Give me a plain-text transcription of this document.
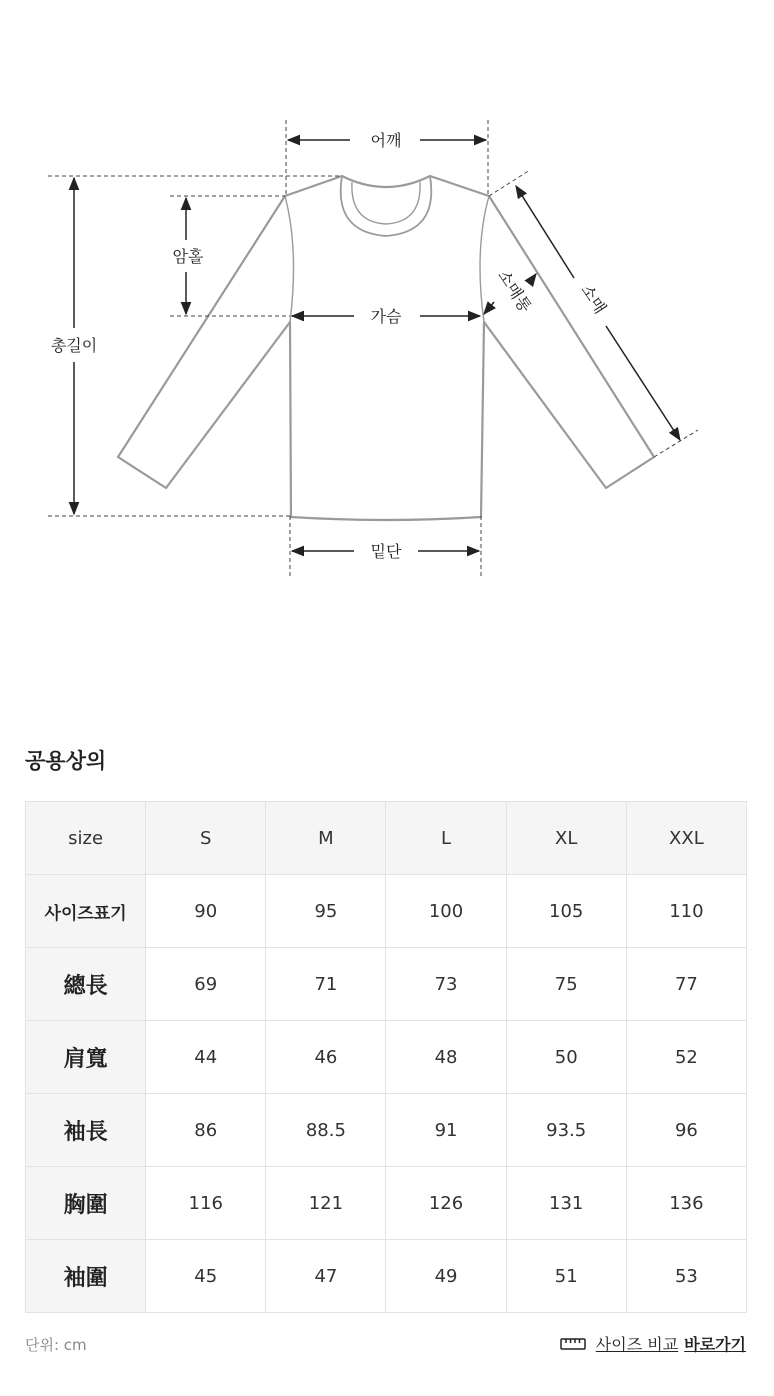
어깨
암홀
총길이
가슴
밑단
소매
소매통
공용상의
size	S	M	L	XL	XXL
사이즈표기	90	95	100	105	110
總長	69	71	73	75	77
肩寬	44	46	48	50	52
袖長	86	88.5	91	93.5	96
胸圍	116	121	126	131	136
袖圍	45	47	49	51	53
단위: cm	사이즈 비교 바로가기
